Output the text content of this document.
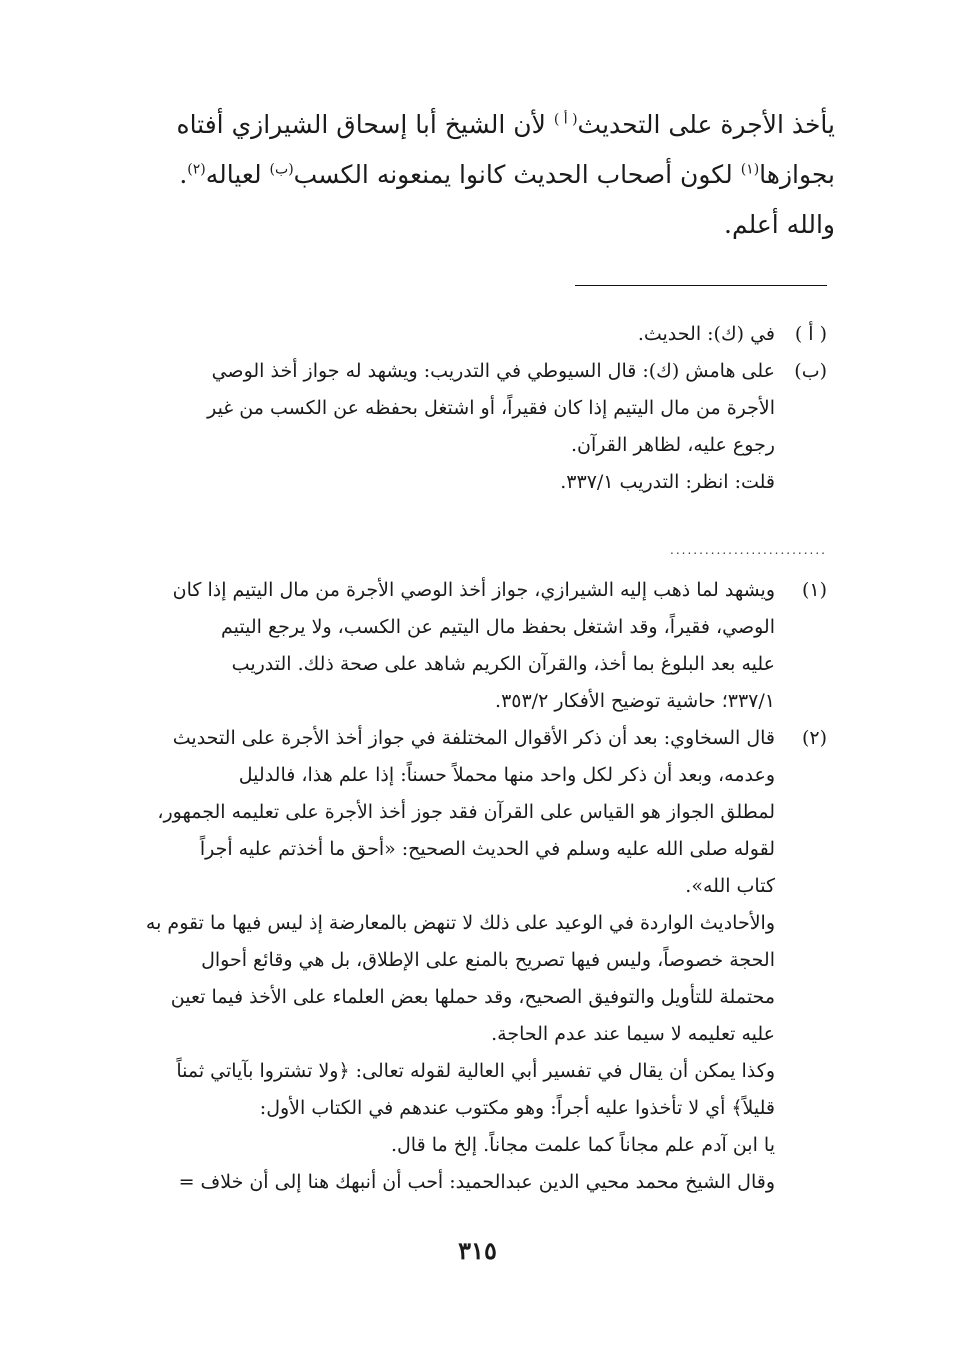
يأخذ الأجرة على التحديث$^{( أ )}$ لأن الشيخ أبا إسحاق الشيرازي أفتاه

بجوازها$^{(١)}$ لكون أصحاب الحديث كانوا يمنعونه الكسب$^{(ب)}$ لعياله$^{(٢)}$.

والله أعلم.

( أ )

في (ك): الحديث.

(ب)

على هامش (ك): قال السيوطي في التدريب: ويشهد له جواز أخذ الوصي

الأجرة من مال اليتيم إذا كان فقيراً، أو اشتغل بحفظه عن الكسب من غير

رجوع عليه، لظاهر القرآن.

قلت: انظر: التدريب ٣٣٧/١.

...........................
(١)

ويشهد لما ذهب إليه الشيرازي، جواز أخذ الوصي الأجرة من مال اليتيم إذا كان

الوصي، فقيراً، وقد اشتغل بحفظ مال اليتيم عن الكسب، ولا يرجع اليتيم

عليه بعد البلوغ بما أخذ، والقرآن الكريم شاهد على صحة ذلك. التدريب

٣٣٧/١؛ حاشية توضيح الأفكار ٣٥٣/٢.

(٢)

قال السخاوي: بعد أن ذكر الأقوال المختلفة في جواز أخذ الأجرة على التحديث

وعدمه، وبعد أن ذكر لكل واحد منها محملاً حسناً: إذا علم هذا، فالدليل

لمطلق الجواز هو القياس على القرآن فقد جوز أخذ الأجرة على تعليمه الجمهور،

لقوله صلى الله عليه وسلم في الحديث الصحيح: «أحق ما أخذتم عليه أجراً

كتاب الله».

والأحاديث الواردة في الوعيد على ذلك لا تنهض بالمعارضة إذ ليس فيها ما تقوم به

الحجة خصوصاً، وليس فيها تصريح بالمنع على الإطلاق، بل هي وقائع أحوال

محتملة للتأويل والتوفيق الصحيح، وقد حملها بعض العلماء على الأخذ فيما تعين

عليه تعليمه لا سيما عند عدم الحاجة.

وكذا يمكن أن يقال في تفسير أبي العالية لقوله تعالى: ﴿ولا تشتروا بآياتي ثمناً

قليلاً﴾ أي لا تأخذوا عليه أجراً: وهو مكتوب عندهم في الكتاب الأول:

يا ابن آدم علم مجاناً كما علمت مجاناً. إلخ ما قال.

وقال الشيخ محمد محيي الدين عبدالحميد: أحب أن أنبهك هنا إلى أن خلاف =

٣١٥
